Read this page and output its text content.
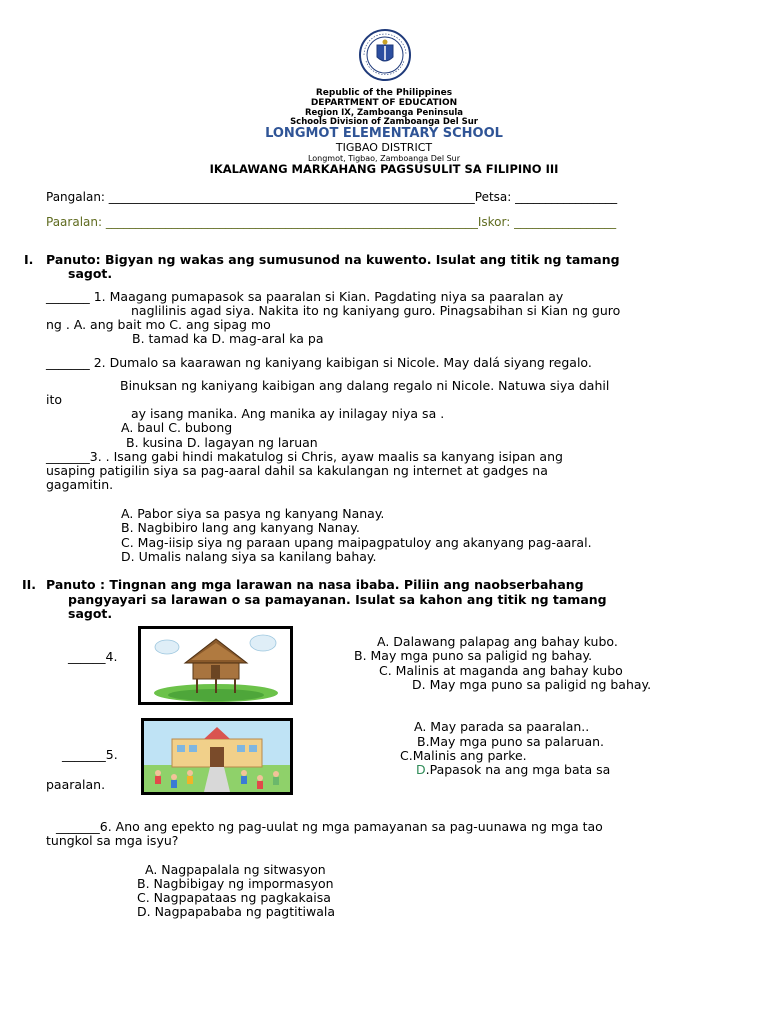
Republic of the Philippines
DEPARTMENT OF EDUCATION
Region IX, Zamboanga Peninsula
Schools Division of Zamboanga Del Sur
LONGMOT ELEMENTARY SCHOOL
TIGBAO DISTRICT
Longmot, Tigbao, Zamboanga Del Sur
IKALAWANG MARKAHANG PAGSUSULIT SA FILIPINO III
Pangalan: _____________________________________________________________Petsa: _________________
Paaralan: ______________________________________________________________Iskor: _________________
I. Panuto: Bigyan ng wakas ang sumusunod na kuwento. Isulat ang titik ng tamang
sagot.
_______ 1. Maagang pumapasok sa paaralan si Kian. Pagdating niya sa paaralan ay
naglilinis agad siya. Nakita ito ng kaniyang guro. Pinagsabihan si Kian ng guro
ng . A. ang bait mo C. ang sipag mo
B. tamad ka D. mag-aral ka pa
_______ 2. Dumalo sa kaarawan ng kaniyang kaibigan si Nicole. May dalá siyang regalo.
Binuksan ng kaniyang kaibigan ang dalang regalo ni Nicole. Natuwa siya dahil
ito
ay isang manika. Ang manika ay inilagay niya sa .
A. baul C. bubong
B. kusina D. lagayan ng laruan
_______3. . Isang gabi hindi makatulog si Chris, ayaw maalis sa kanyang isipan ang
usaping patigilin siya sa pag-aaral dahil sa kakulangan ng internet at gadges na
gagamitin.
A. Pabor siya sa pasya ng kanyang Nanay.
B. Nagbibiro lang ang kanyang Nanay.
C. Mag-iisip siya ng paraan upang maipagpatuloy ang akanyang pag-aaral.
D. Umalis nalang siya sa kanilang bahay.
II. Panuto : Tingnan ang mga larawan na nasa ibaba. Piliin ang naobserbahang
pangyayari sa larawan o sa pamayanan. Isulat sa kahon ang titik ng tamang
sagot.
______4.
A. Dalawang palapag ang bahay kubo.
B. May mga puno sa paligid ng bahay.
C. Malinis at maganda ang bahay kubo
D. May mga puno sa paligid ng bahay.
_______5.
A. May parada sa paaralan..
B.May mga puno sa palaruan.
C.Malinis ang parke.
D.Papasok na ang mga bata sa
paaralan.
_______6. Ano ang epekto ng pag-uulat ng mga pamayanan sa pag-uunawa ng mga tao
tungkol sa mga isyu?
A. Nagpapalala ng sitwasyon
B. Nagbibigay ng impormasyon
C. Nagpapataas ng pagkakaisa
D. Nagpapababa ng pagtitiwala
